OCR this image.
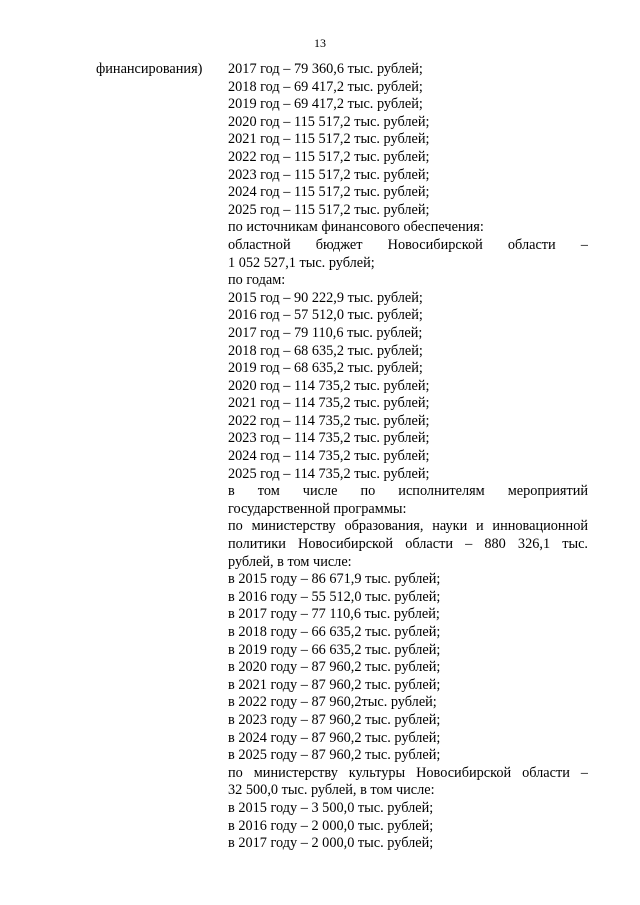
13
финансирования) 2017 год – 79 360,6 тыс. рублей;
2018 год – 69 417,2 тыс. рублей;
2019 год – 69 417,2 тыс. рублей;
2020 год – 115 517,2 тыс. рублей;
2021 год – 115 517,2 тыс. рублей;
2022 год – 115 517,2 тыс. рублей;
2023 год – 115 517,2 тыс. рублей;
2024 год – 115 517,2 тыс. рублей;
2025 год – 115 517,2 тыс. рублей;
по источникам финансового обеспечения:
областной бюджет Новосибирской области –
1 052 527,1 тыс. рублей;
по годам:
2015 год – 90 222,9 тыс. рублей;
2016 год – 57 512,0 тыс. рублей;
2017 год – 79 110,6 тыс. рублей;
2018 год – 68 635,2 тыс. рублей;
2019 год – 68 635,2 тыс. рублей;
2020 год – 114 735,2 тыс. рублей;
2021 год – 114 735,2 тыс. рублей;
2022 год – 114 735,2 тыс. рублей;
2023 год – 114 735,2 тыс. рублей;
2024 год – 114 735,2 тыс. рублей;
2025 год – 114 735,2 тыс. рублей;
в том числе по исполнителям мероприятий
государственной программы:
по министерству образования, науки и инновационной
политики Новосибирской области – 880 326,1 тыс.
рублей, в том числе:
в 2015 году – 86 671,9 тыс. рублей;
в 2016 году – 55 512,0 тыс. рублей;
в 2017 году – 77 110,6 тыс. рублей;
в 2018 году – 66 635,2 тыс. рублей;
в 2019 году – 66 635,2 тыс. рублей;
в 2020 году – 87 960,2 тыс. рублей;
в 2021 году – 87 960,2 тыс. рублей;
в 2022 году – 87 960,2тыс. рублей;
в 2023 году – 87 960,2 тыс. рублей;
в 2024 году – 87 960,2 тыс. рублей;
в 2025 году – 87 960,2 тыс. рублей;
по министерству культуры Новосибирской области –
32 500,0 тыс. рублей, в том числе:
в 2015 году – 3 500,0 тыс. рублей;
в 2016 году – 2 000,0 тыс. рублей;
в 2017 году – 2 000,0 тыс. рублей;
